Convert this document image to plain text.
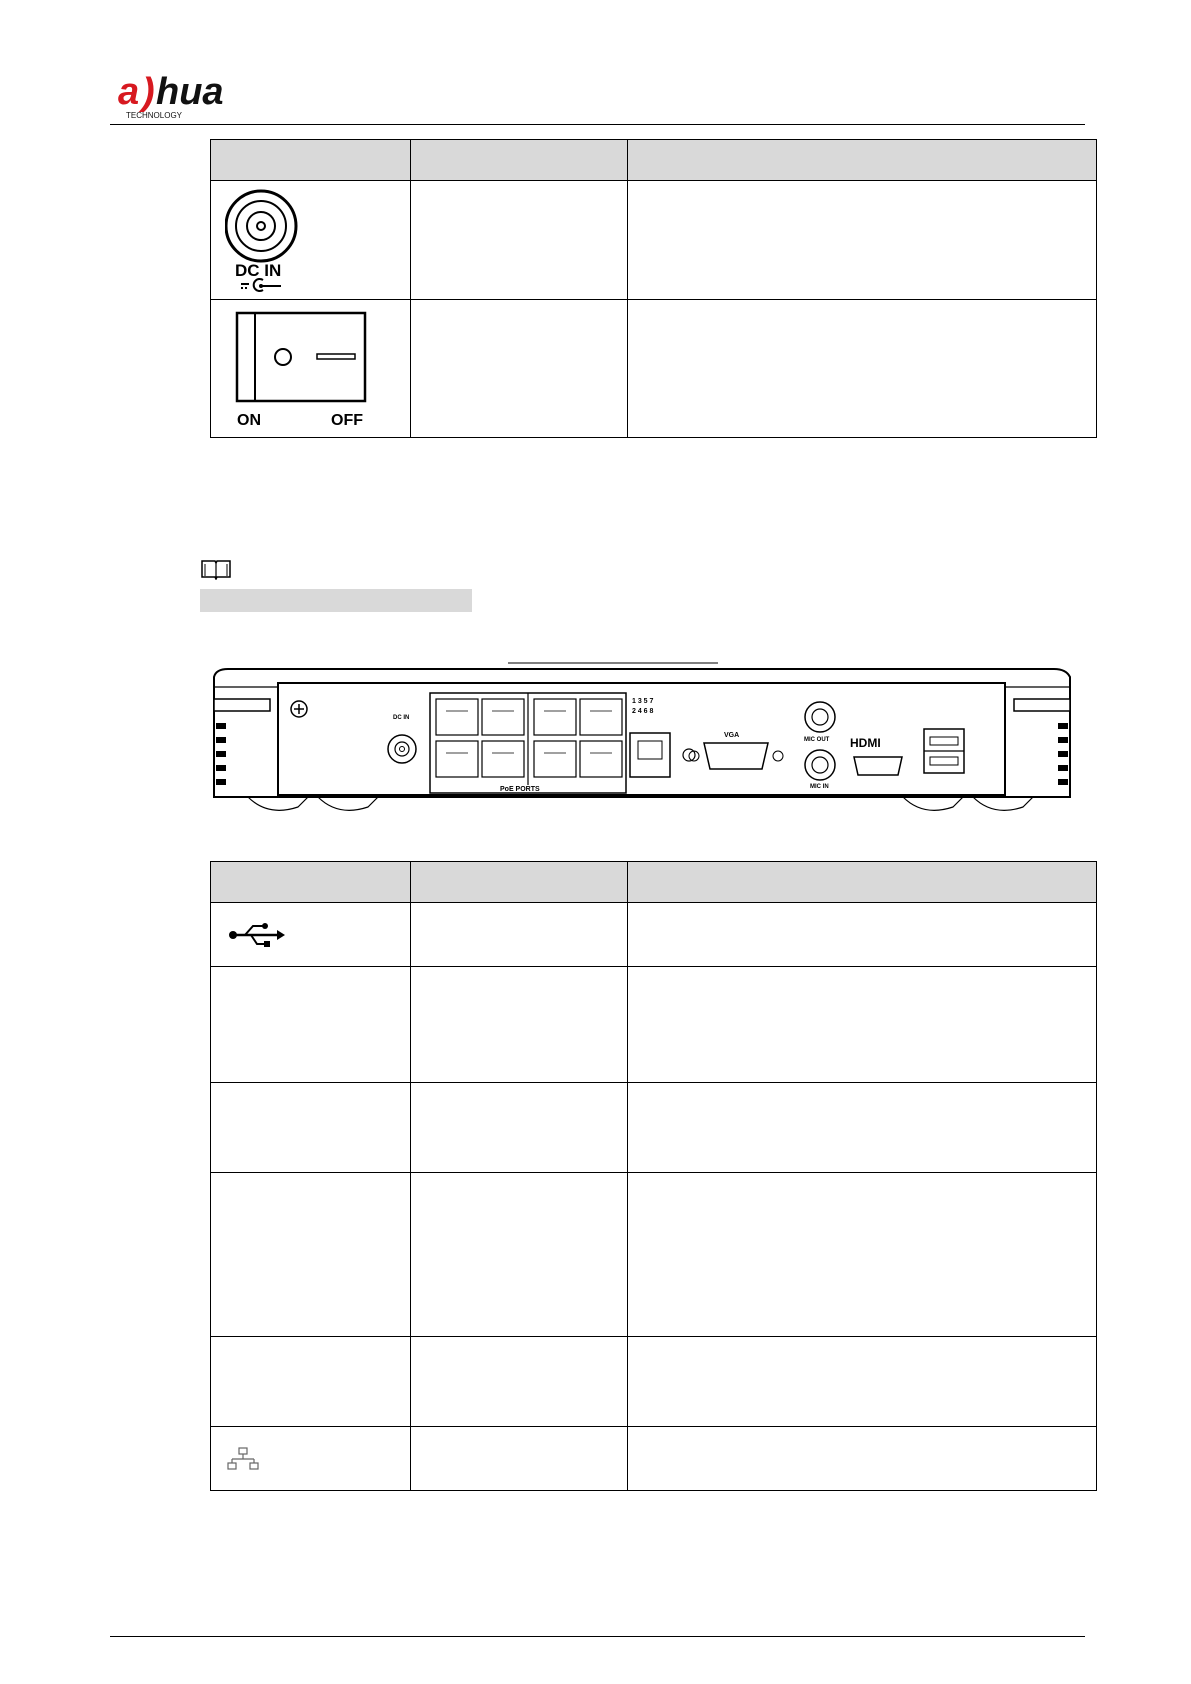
a ) hua
TECHNOLOGY

DC IN		

ON OFF		

DC IN
PoE PORTS
1 3 5 7
2 4 6 8
VGA
MIC OUT
MIC IN
HDMI
